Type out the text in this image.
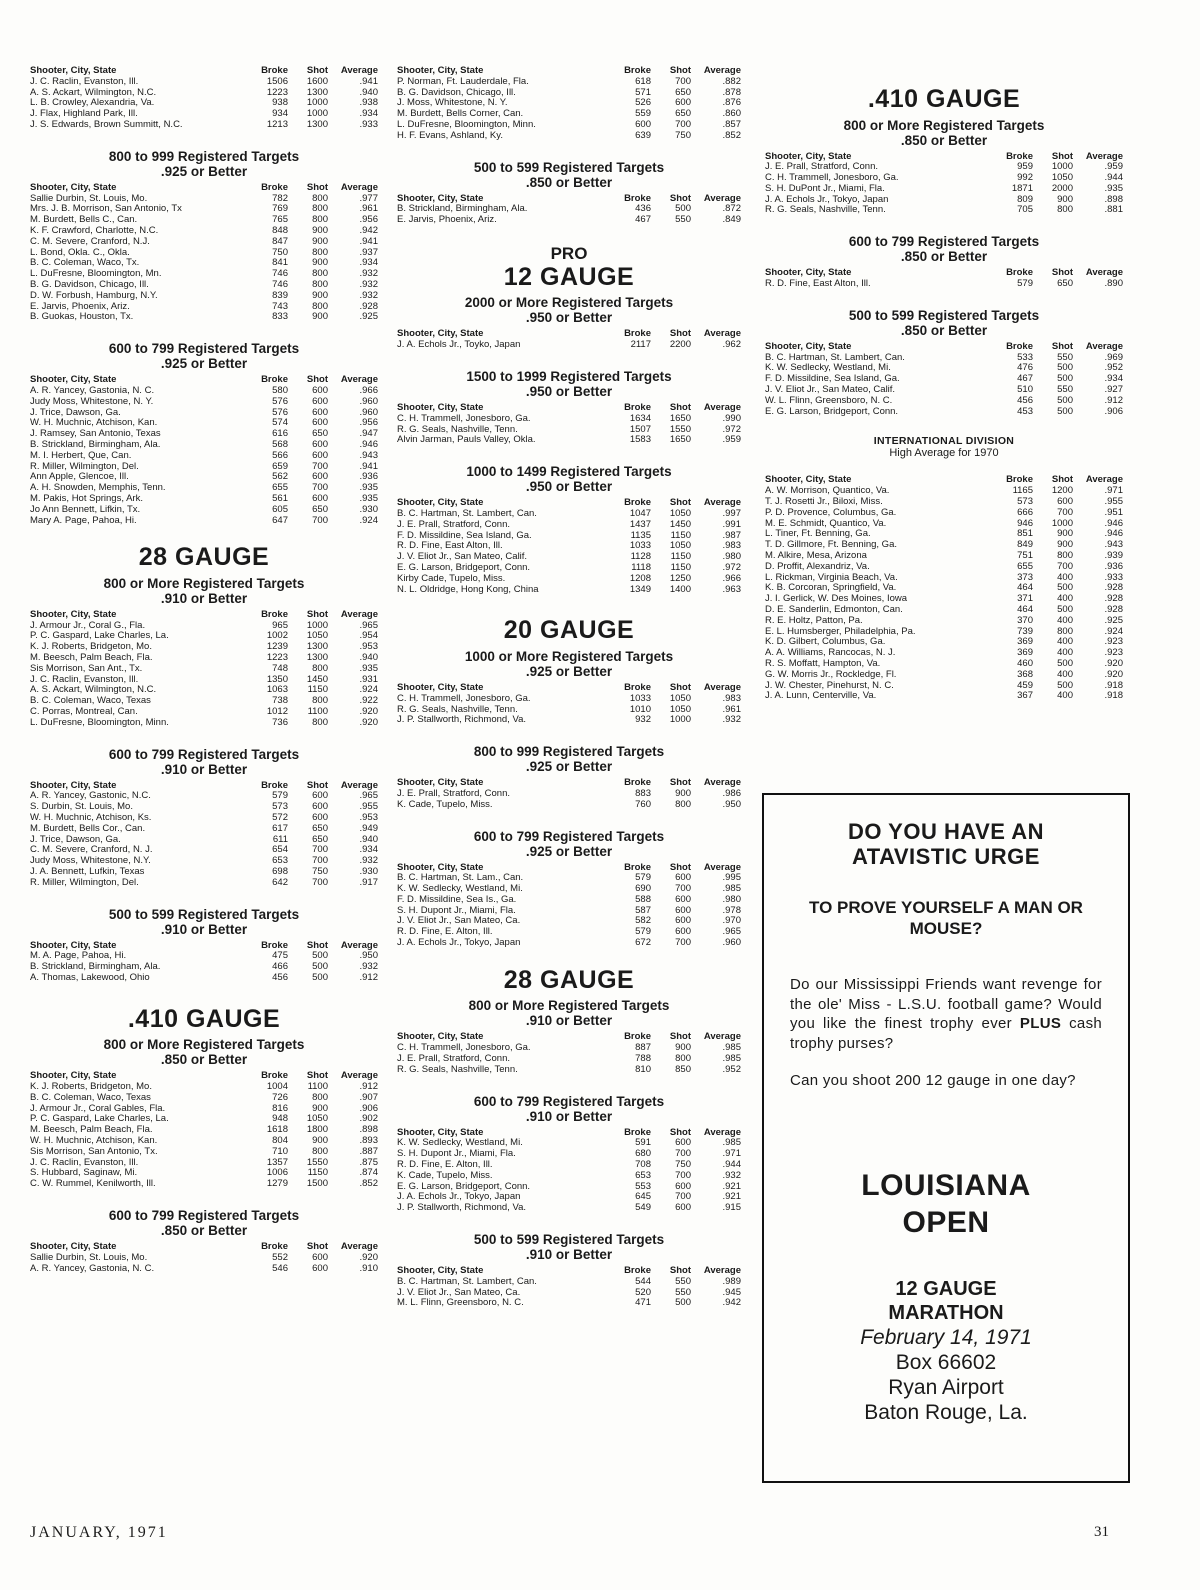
Shooter, City, State	Broke	Shot	Average
J. C. Raclin, Evanston, Ill.	1506	1600	.941
A. S. Ackart, Wilmington, N.C.	1223	1300	.940
L. B. Crowley, Alexandria, Va.	938	1000	.938
J. Flax, Highland Park, Ill.	934	1000	.934
J. S. Edwards, Brown Summitt, N.C.	1213	1300	.933
800 to 999 Registered Targets
.925 or Better
Shooter, City, State	Broke	Shot	Average
Sallie Durbin, St. Louis, Mo.	782	800	.977
Mrs. J. B. Morrison, San Antonio, Tx	769	800	.961
M. Burdett, Bells C., Can.	765	800	.956
K. F. Crawford, Charlotte, N.C.	848	900	.942
C. M. Severe, Cranford, N.J.	847	900	.941
L. Bond, Okla. C., Okla.	750	800	.937
B. C. Coleman, Waco, Tx.	841	900	.934
L. DuFresne, Bloomington, Mn.	746	800	.932
B. G. Davidson, Chicago, Ill.	746	800	.932
D. W. Forbush, Hamburg, N.Y.	839	900	.932
E. Jarvis, Phoenix, Ariz.	743	800	.928
B. Guokas, Houston, Tx.	833	900	.925
600 to 799 Registered Targets
.925 or Better
Shooter, City, State	Broke	Shot	Average
A. R. Yancey, Gastonia, N. C.	580	600	.966
Judy Moss, Whitestone, N. Y.	576	600	.960
J. Trice, Dawson, Ga.	576	600	.960
W. H. Muchnic, Atchison, Kan.	574	600	.956
J. Ramsey, San Antonio, Texas	616	650	.947
B. Strickland, Birmingham, Ala.	568	600	.946
M. I. Herbert, Que, Can.	566	600	.943
R. Miller, Wilmington, Del.	659	700	.941
Ann Apple, Glencoe, Ill.	562	600	.936
A. H. Snowden, Memphis, Tenn.	655	700	.935
M. Pakis, Hot Springs, Ark.	561	600	.935
Jo Ann Bennett, Lifkin, Tx.	605	650	.930
Mary A. Page, Pahoa, Hi.	647	700	.924
28 GAUGE
800 or More Registered Targets
.910 or Better
Shooter, City, State	Broke	Shot	Average
J. Armour Jr., Coral G., Fla.	965	1000	.965
P. C. Gaspard, Lake Charles, La.	1002	1050	.954
K. J. Roberts, Bridgeton, Mo.	1239	1300	.953
M. Beesch, Palm Beach, Fla.	1223	1300	.940
Sis Morrison, San Ant., Tx.	748	800	.935
J. C. Raclin, Evanston, Ill.	1350	1450	.931
A. S. Ackart, Wilmington, N.C.	1063	1150	.924
B. C. Coleman, Waco, Texas	738	800	.922
C. Porras, Montreal, Can.	1012	1100	.920
L. DuFresne, Bloomington, Minn.	736	800	.920
600 to 799 Registered Targets
.910 or Better
Shooter, City, State	Broke	Shot	Average
A. R. Yancey, Gastonic, N.C.	579	600	.965
S. Durbin, St. Louis, Mo.	573	600	.955
W. H. Muchnic, Atchison, Ks.	572	600	.953
M. Burdett, Bells Cor., Can.	617	650	.949
J. Trice, Dawson, Ga.	611	650	.940
C. M. Severe, Cranford, N. J.	654	700	.934
Judy Moss, Whitestone, N.Y.	653	700	.932
J. A. Bennett, Lufkin, Texas	698	750	.930
R. Miller, Wilmington, Del.	642	700	.917
500 to 599 Registered Targets
.910 or Better
Shooter, City, State	Broke	Shot	Average
M. A. Page, Pahoa, Hi.	475	500	.950
B. Strickland, Birmingham, Ala.	466	500	.932
A. Thomas, Lakewood, Ohio	456	500	.912
.410 GAUGE
800 or More Registered Targets
.850 or Better
Shooter, City, State	Broke	Shot	Average
K. J. Roberts, Bridgeton, Mo.	1004	1100	.912
B. C. Coleman, Waco, Texas	726	800	.907
J. Armour Jr., Coral Gables, Fla.	816	900	.906
P. C. Gaspard, Lake Charles, La.	948	1050	.902
M. Beesch, Palm Beach, Fla.	1618	1800	.898
W. H. Muchnic, Atchison, Kan.	804	900	.893
Sis Morrison, San Antonio, Tx.	710	800	.887
J. C. Raclin, Evanston, Ill.	1357	1550	.875
S. Hubbard, Saginaw, Mi.	1006	1150	.874
C. W. Rummel, Kenilworth, Ill.	1279	1500	.852
600 to 799 Registered Targets
.850 or Better
Shooter, City, State	Broke	Shot	Average
Sallie Durbin, St. Louis, Mo.	552	600	.920
A. R. Yancey, Gastonia, N. C.	546	600	.910
Shooter, City, State	Broke	Shot	Average
P. Norman, Ft. Lauderdale, Fla.	618	700	.882
B. G. Davidson, Chicago, Ill.	571	650	.878
J. Moss, Whitestone, N. Y.	526	600	.876
M. Burdett, Bells Corner, Can.	559	650	.860
L. DuFresne, Bloomington, Minn.	600	700	.857
H. F. Evans, Ashland, Ky.	639	750	.852
500 to 599 Registered Targets
.850 or Better
Shooter, City, State	Broke	Shot	Average
B. Strickland, Birmingham, Ala.	436	500	.872
E. Jarvis, Phoenix, Ariz.	467	550	.849
PRO
12 GAUGE
2000 or More Registered Targets
.950 or Better
Shooter, City, State	Broke	Shot	Average
J. A. Echols Jr., Toyko, Japan	2117	2200	.962
1500 to 1999 Registered Targets
.950 or Better
Shooter, City, State	Broke	Shot	Average
C. H. Trammell, Jonesboro, Ga.	1634	1650	.990
R. G. Seals, Nashville, Tenn.	1507	1550	.972
Alvin Jarman, Pauls Valley, Okla.	1583	1650	.959
1000 to 1499 Registered Targets
.950 or Better
Shooter, City, State	Broke	Shot	Average
B. C. Hartman, St. Lambert, Can.	1047	1050	.997
J. E. Prall, Stratford, Conn.	1437	1450	.991
F. D. Missildine, Sea Island, Ga.	1135	1150	.987
R. D. Fine, East Alton, Ill.	1033	1050	.983
J. V. Eliot Jr., San Mateo, Calif.	1128	1150	.980
E. G. Larson, Bridgeport, Conn.	1118	1150	.972
Kirby Cade, Tupelo, Miss.	1208	1250	.966
N. L. Oldridge, Hong Kong, China	1349	1400	.963
20 GAUGE
1000 or More Registered Targets
.925 or Better
Shooter, City, State	Broke	Shot	Average
C. H. Trammell, Jonesboro, Ga.	1033	1050	.983
R. G. Seals, Nashville, Tenn.	1010	1050	.961
J. P. Stallworth, Richmond, Va.	932	1000	.932
800 to 999 Registered Targets
.925 or Better
Shooter, City, State	Broke	Shot	Average
J. E. Prall, Stratford, Conn.	883	900	.986
K. Cade, Tupelo, Miss.	760	800	.950
600 to 799 Registered Targets
.925 or Better
Shooter, City, State	Broke	Shot	Average
B. C. Hartman, St. Lam., Can.	579	600	.995
K. W. Sedlecky, Westland, Mi.	690	700	.985
F. D. Missildine, Sea Is., Ga.	588	600	.980
S. H. Dupont Jr., Miami, Fla.	587	600	.978
J. V. Eliot Jr., San Mateo, Ca.	582	600	.970
R. D. Fine, E. Alton, Ill.	579	600	.965
J. A. Echols Jr., Tokyo, Japan	672	700	.960
28 GAUGE
800 or More Registered Targets
.910 or Better
Shooter, City, State	Broke	Shot	Average
C. H. Trammell, Jonesboro, Ga.	887	900	.985
J. E. Prall, Stratford, Conn.	788	800	.985
R. G. Seals, Nashville, Tenn.	810	850	.952
600 to 799 Registered Targets
.910 or Better
Shooter, City, State	Broke	Shot	Average
K. W. Sedlecky, Westland, Mi.	591	600	.985
S. H. Dupont Jr., Miami, Fla.	680	700	.971
R. D. Fine, E. Alton, Ill.	708	750	.944
K. Cade, Tupelo, Miss.	653	700	.932
E. G. Larson, Bridgeport, Conn.	553	600	.921
J. A. Echols Jr., Tokyo, Japan	645	700	.921
J. P. Stallworth, Richmond, Va.	549	600	.915
500 to 599 Registered Targets
.910 or Better
Shooter, City, State	Broke	Shot	Average
B. C. Hartman, St. Lambert, Can.	544	550	.989
J. V. Eliot Jr., San Mateo, Ca.	520	550	.945
M. L. Flinn, Greensboro, N. C.	471	500	.942
.410 GAUGE
800 or More Registered Targets
.850 or Better
Shooter, City, State	Broke	Shot	Average
J. E. Prall, Stratford, Conn.	959	1000	.959
C. H. Trammell, Jonesboro, Ga.	992	1050	.944
S. H. DuPont Jr., Miami, Fla.	1871	2000	.935
J. A. Echols Jr., Tokyo, Japan	809	900	.898
R. G. Seals, Nashville, Tenn.	705	800	.881
600 to 799 Registered Targets
.850 or Better
Shooter, City, State	Broke	Shot	Average
R. D. Fine, East Alton, Ill.	579	650	.890
500 to 599 Registered Targets
.850 or Better
Shooter, City, State	Broke	Shot	Average
B. C. Hartman, St. Lambert, Can.	533	550	.969
K. W. Sedlecky, Westland, Mi.	476	500	.952
F. D. Missildine, Sea Island, Ga.	467	500	.934
J. V. Eliot Jr., San Mateo, Calif.	510	550	.927
W. L. Flinn, Greensboro, N. C.	456	500	.912
E. G. Larson, Bridgeport, Conn.	453	500	.906
INTERNATIONAL DIVISION
High Average for 1970
Shooter, City, State	Broke	Shot	Average
A. W. Morrison, Quantico, Va.	1165	1200	.971
T. J. Rosetti Jr., Biloxi, Miss.	573	600	.955
P. D. Provence, Columbus, Ga.	666	700	.951
M. E. Schmidt, Quantico, Va.	946	1000	.946
L. Tiner, Ft. Benning, Ga.	851	900	.946
T. D. Gillmore, Ft. Benning, Ga.	849	900	.943
M. Alkire, Mesa, Arizona	751	800	.939
D. Proffit, Alexandriz, Va.	655	700	.936
L. Rickman, Virginia Beach, Va.	373	400	.933
K. B. Corcoran, Springfield, Va.	464	500	.928
J. I. Gerlick, W. Des Moines, Iowa	371	400	.928
D. E. Sanderlin, Edmonton, Can.	464	500	.928
R. E. Holtz, Patton, Pa.	370	400	.925
E. L. Humsberger, Philadelphia, Pa.	739	800	.924
K. D. Gilbert, Columbus, Ga.	369	400	.923
A. A. Williams, Rancocas, N. J.	369	400	.923
R. S. Moffatt, Hampton, Va.	460	500	.920
G. W. Morris Jr., Rockledge, Fl.	368	400	.920
J. W. Chester, Pinehurst, N. C.	459	500	.918
J. A. Lunn, Centerville, Va.	367	400	.918
DO YOU HAVE AN ATAVISTIC URGE
TO PROVE YOURSELF A MAN OR MOUSE?
Do our Mississippi Friends want revenge for the ole' Miss - L.S.U. football game? Would you like the finest trophy ever PLUS cash trophy purses?
Can you shoot 200 12 gauge in one day?
LOUISIANA
OPEN
12 GAUGE
MARATHON
February 14, 1971
Box 66602
Ryan Airport
Baton Rouge, La.
JANUARY, 1971	31
